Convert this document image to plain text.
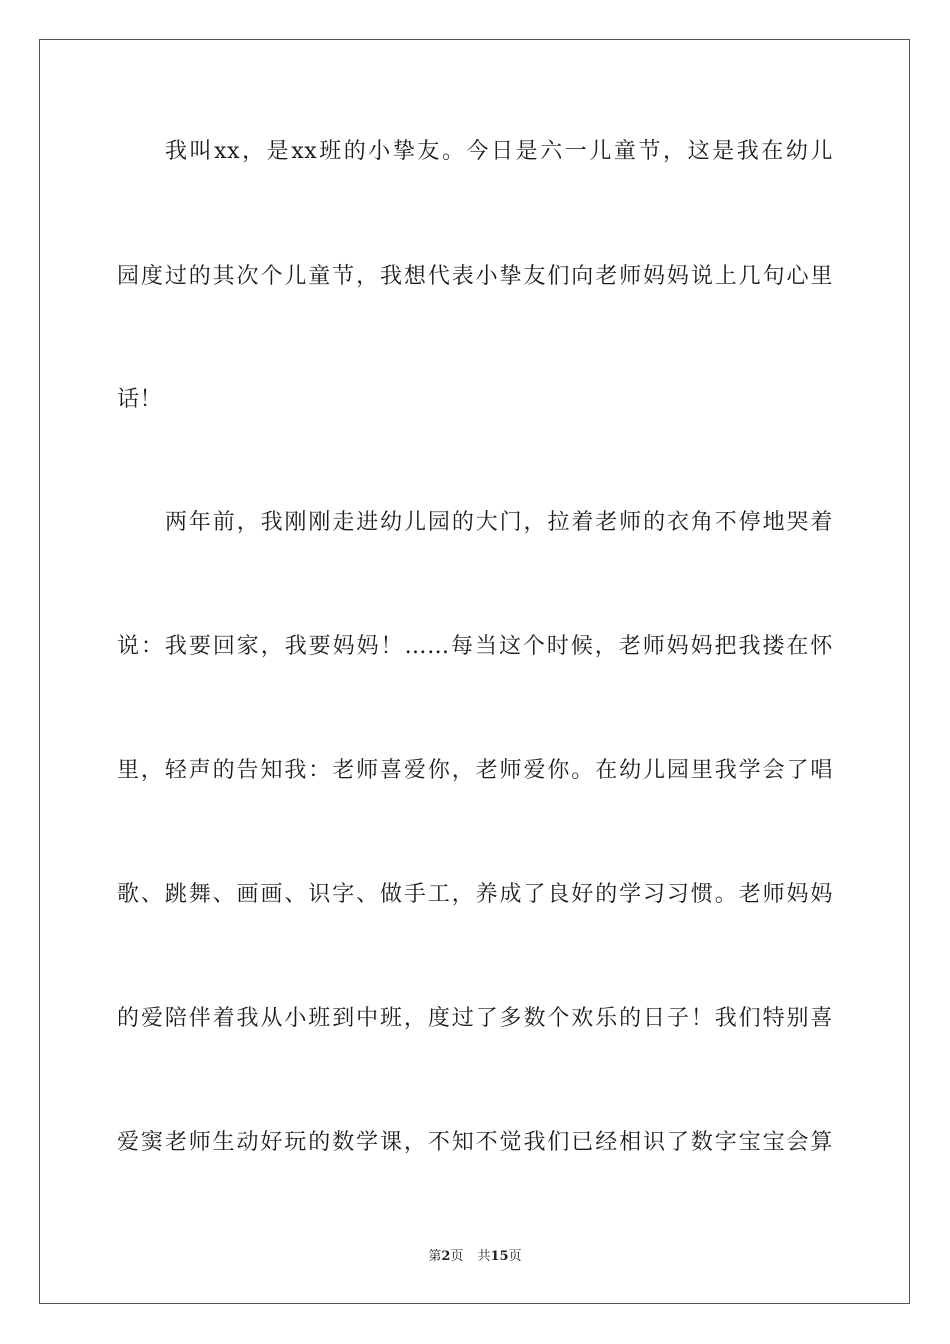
我叫xx，是xx班的小挚友。今日是六一儿童节，这是我在幼儿
园度过的其次个儿童节，我想代表小挚友们向老师妈妈说上几句心里
话！
两年前，我刚刚走进幼儿园的大门，拉着老师的衣角不停地哭着
说：我要回家，我要妈妈！……每当这个时候，老师妈妈把我搂在怀
里，轻声的告知我：老师喜爱你，老师爱你。在幼儿园里我学会了唱
歌、跳舞、画画、识字、做手工，养成了良好的学习习惯。老师妈妈
的爱陪伴着我从小班到中班，度过了多数个欢乐的日子！我们特别喜
爱窦老师生动好玩的数学课，不知不觉我们已经相识了数字宝宝会算
第2页 共15页
